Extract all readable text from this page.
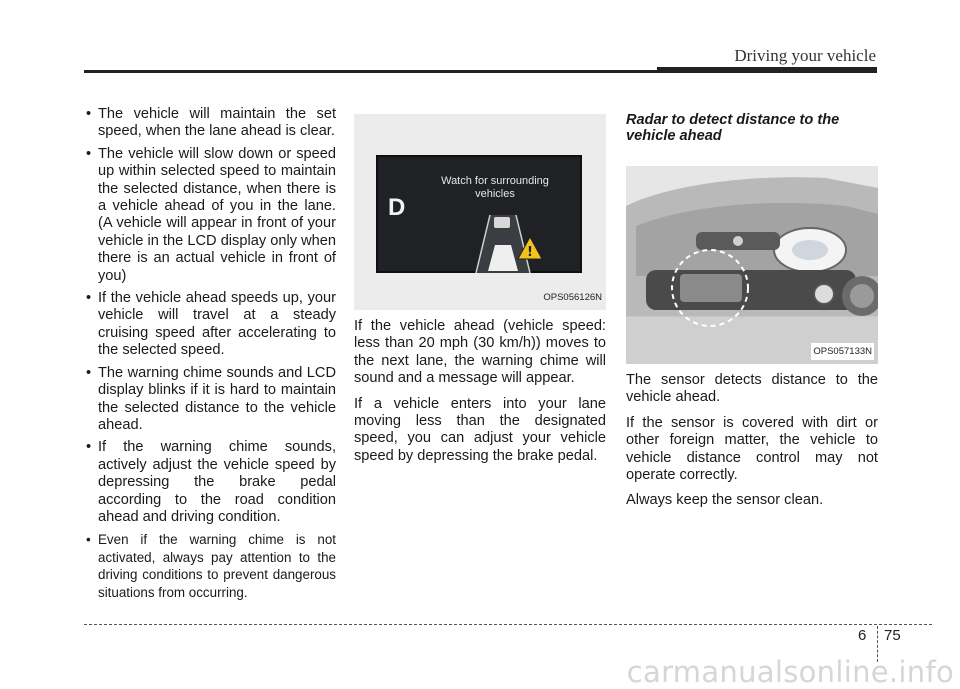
Driving your vehicle
• The vehicle will maintain the set speed, when the lane ahead is clear.
• The vehicle will slow down or speed up within selected speed to maintain the selected distance, when there is a vehicle ahead of you in the lane. (A vehicle will appear in front of your vehicle in the LCD display only when there is an actual vehicle in front of you)
• If the vehicle ahead speeds up, your vehicle will travel at a steady cruising speed after accelerating to the selected speed.
• The warning chime sounds and LCD display blinks if it is hard to maintain the selected distance to the vehicle ahead.
• If the warning chime sounds, actively adjust the vehicle speed by depressing the brake pedal according to the road condition ahead and driving condition.
• Even if the warning chime is not activated, always pay attention to the driving conditions to prevent dangerous situations from occurring.
Watch for surrounding vehicles
D
!
OPS056126N

If the vehicle ahead (vehicle speed: less than 20 mph (30 km/h)) moves to the next lane, the warning chime will sound and a message will appear.

If a vehicle enters into your lane moving less than the designated speed, you can adjust your vehicle speed by depressing the brake pedal.

Radar to detect distance to the vehicle ahead
OPS057133N

The sensor detects distance to the vehicle ahead.

If the sensor is covered with dirt or other foreign matter, the vehicle to vehicle distance control may not operate correctly.

Always keep the sensor clean.

6 75
carmanualsonline.info
